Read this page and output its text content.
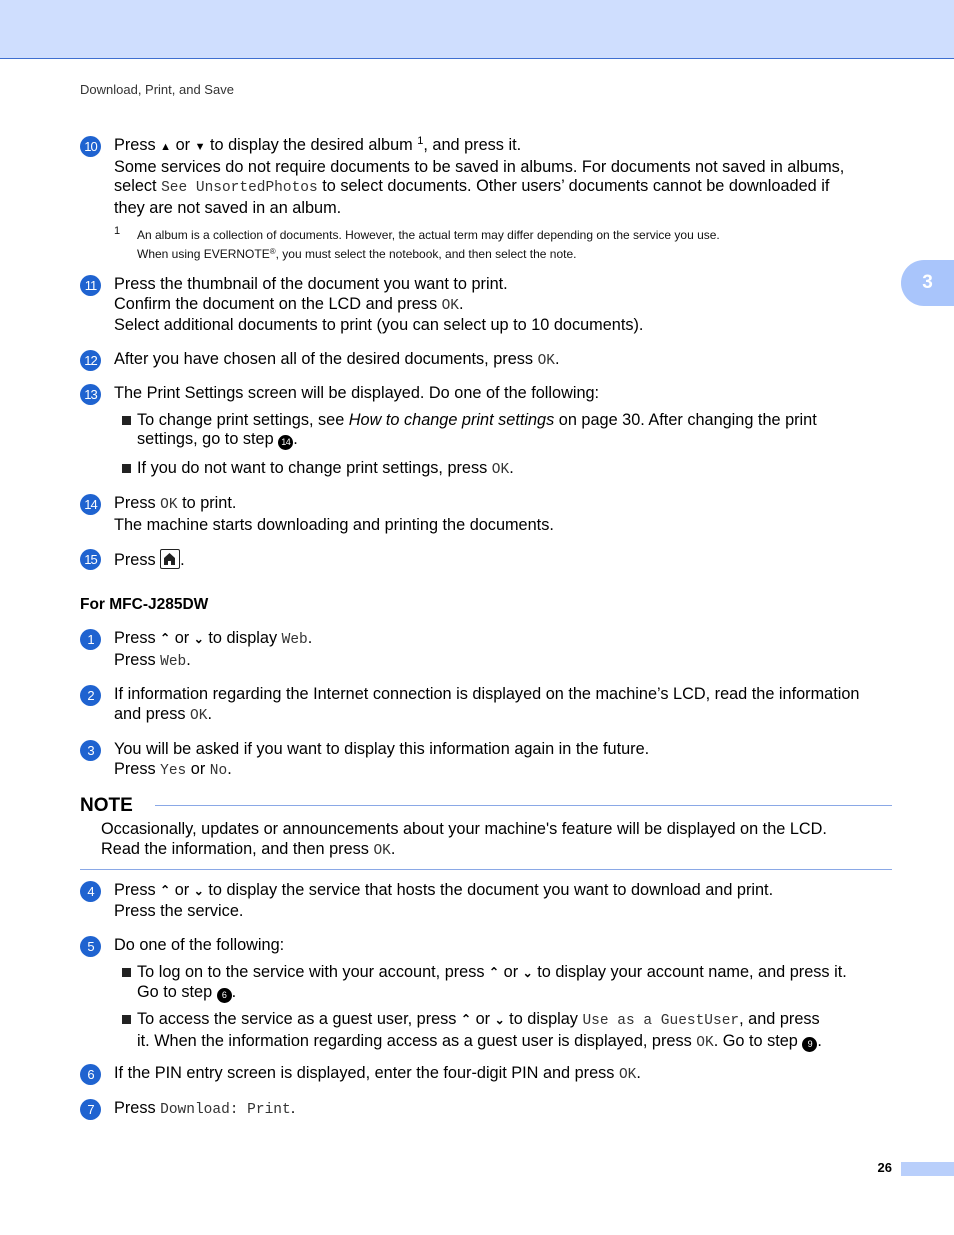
Download, Print, and Save
3
10 Press ▲ or ▼ to display the desired album $^1$, and press it.

Some services do not require documents to be saved in albums. For documents not saved in albums,

select See UnsortedPhotos to select documents. Other users’ documents cannot be downloaded if

they are not saved in an album.

1 An album is a collection of documents. However, the actual term may differ depending on the service you use.
When using EVERNOTE®, you must select the notebook, and then select the note.
11 Press the thumbnail of the document you want to print.

Confirm the document on the LCD and press OK.

Select additional documents to print (you can select up to 10 documents).

12 After you have chosen all of the desired documents, press OK.

13 The Print Settings screen will be displayed. Do one of the following:

To change print settings, see How to change print settings on page 30. After changing the print

settings, go to step 14 .

If you do not want to change print settings, press OK.

14 Press OK to print.

The machine starts downloading and printing the documents.

15 Press
.

For MFC-J285DW
1	Press ⌃ or ⌄ to display Web.

Press Web.

2	If information regarding the Internet connection is displayed on the machine’s LCD, read the information

and press OK.

3	You will be asked if you want to display this information again in the future.

Press Yes or No.

NOTE

Occasionally, updates or announcements about your machine's feature will be displayed on the LCD.

Read the information, and then press OK.

4	Press ⌃ or ⌄ to display the service that hosts the document you want to download and print.

Press the service.

5	Do one of the following:

To log on to the service with your account, press ⌃ or ⌄ to display your account name, and press it.

Go to step 6 .

To access the service as a guest user, press ⌃ or ⌄ to display Use as a GuestUser, and press

it. When the information regarding access as a guest user is displayed, press OK. Go to step 9 .

6	If the PIN entry screen is displayed, enter the four-digit PIN and press OK.

7	Press Download: Print.

26
